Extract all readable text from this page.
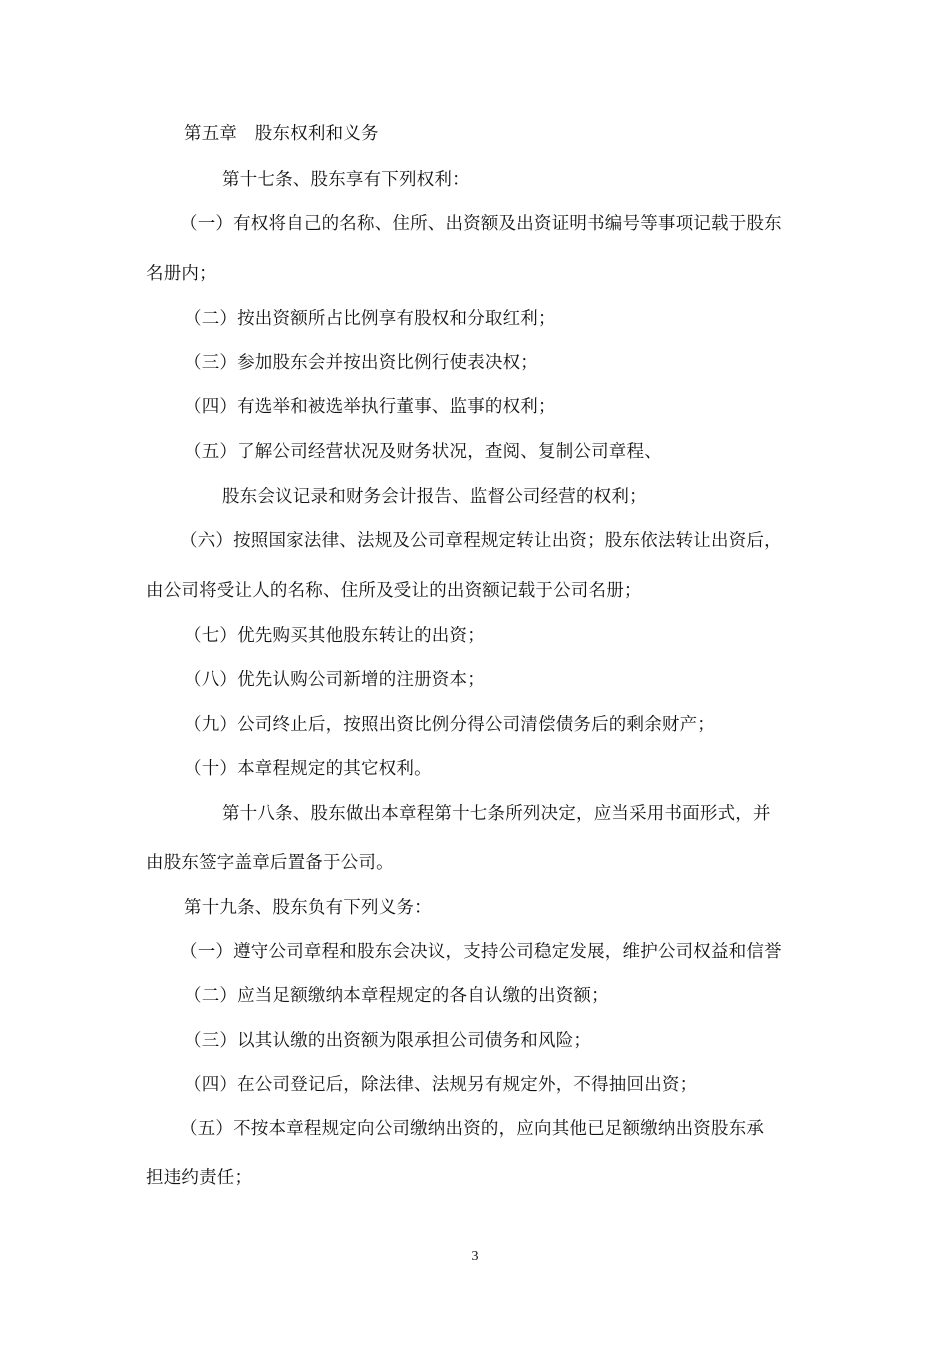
第五章　股东权利和义务
第十七条、股东享有下列权利：
（一）有权将自己的名称、住所、出资额及出资证明书编号等事项记载于股东
名册内；
（二）按出资额所占比例享有股权和分取红利；
（三）参加股东会并按出资比例行使表决权；
（四）有选举和被选举执行董事、监事的权利；
（五）了解公司经营状况及财务状况，查阅、复制公司章程、
股东会议记录和财务会计报告、监督公司经营的权利；
（六）按照国家法律、法规及公司章程规定转让出资；股东依法转让出资后，
由公司将受让人的名称、住所及受让的出资额记载于公司名册；
（七）优先购买其他股东转让的出资；
（八）优先认购公司新增的注册资本；
（九）公司终止后，按照出资比例分得公司清偿债务后的剩余财产；
（十）本章程规定的其它权利。
第十八条、股东做出本章程第十七条所列决定，应当采用书面形式，并
由股东签字盖章后置备于公司。
第十九条、股东负有下列义务：
（一）遵守公司章程和股东会决议，支持公司稳定发展，维护公司权益和信誉
（二）应当足额缴纳本章程规定的各自认缴的出资额；
（三）以其认缴的出资额为限承担公司债务和风险；
（四）在公司登记后，除法律、法规另有规定外，不得抽回出资；
（五）不按本章程规定向公司缴纳出资的，应向其他已足额缴纳出资股东承
担违约责任；
3
